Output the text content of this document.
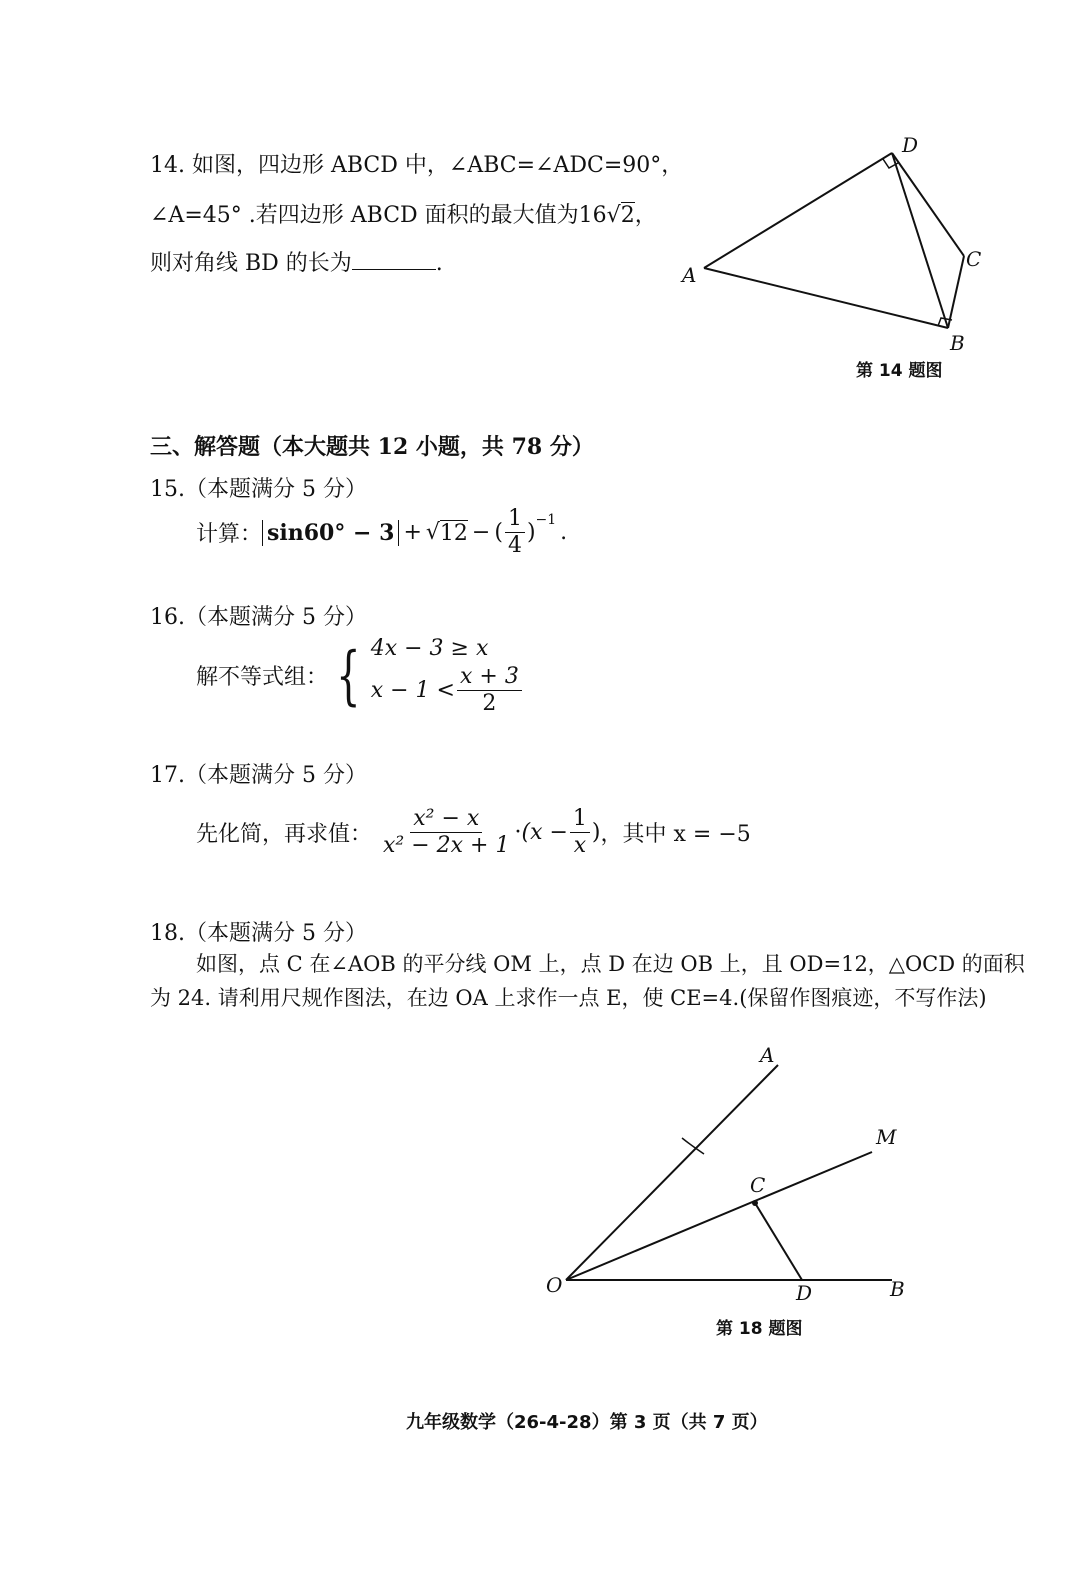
14. 如图，四边形 ABCD 中，∠ABC=∠ADC=90°，
∠A=45° .若四边形 ABCD 面积的最大值为16√2，
则对角线 BD 的长为	.	A
B
C
D
第 14 题图
三、解答题（本大题共 12 小题，共 78 分）
15.（本题满分 5 分）
计算： sin60° − 3 + √ 12 − ( $\frac{1}{4} )^{-1}$ .
16.（本题满分 5 分）
解不等式组： { 4x − 3 ≥ x
$x - 1 < \frac{x + 3}{2}$
17.（本题满分 5 分）
先化简，再求值： $\frac{\text{x² − x}}{\text{x² − 2x + 1}} \cdot (x - \frac{1}{x}$ ) ，其中 x = −5
18.（本题满分 5 分）
如图，点 C 在∠AOB 的平分线 OM 上，点 D 在边 OB 上，且 OD=12，△OCD 的面积
为 24. 请利用尺规作图法，在边 OA 上求作一点 E，使 CE=4.(保留作图痕迹，不写作法)
A
M
C
O	D	B
第 18 题图
九年级数学（26-4-28）第 3 页（共 7 页）
